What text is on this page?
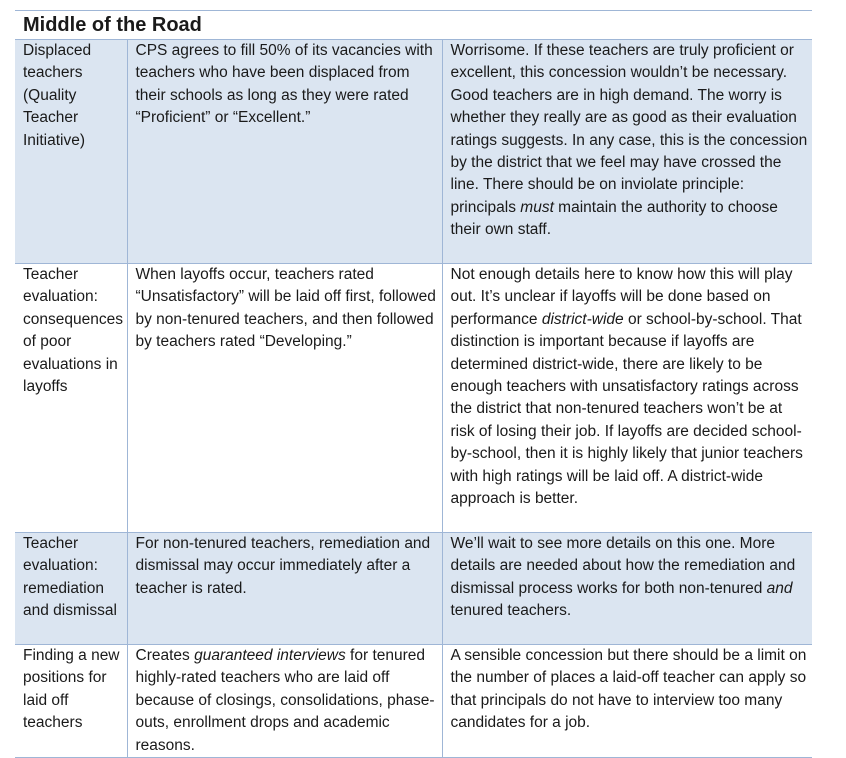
Middle of the Road
Displaced teachers (Quality Teacher Initiative)	CPS agrees to fill 50% of its vacancies with teachers who have been displaced from their schools as long as they were rated “Proficient” or “Excellent.”	Worrisome. If these teachers are truly proficient or excellent, this concession wouldn’t be necessary. Good teachers are in high demand. The worry is whether they really are as good as their evaluation ratings suggests. In any case, this is the concession by the district that we feel may have crossed the line. There should be on inviolate principle: principals must maintain the authority to choose their own staff.
Teacher evaluation: consequences of poor evaluations in layoffs	When layoffs occur, teachers rated “Unsatisfactory” will be laid off first, followed by non-tenured teachers, and then followed by teachers rated “Developing.”	Not enough details here to know how this will play out. It’s unclear if layoffs will be done based on performance district-wide or school-by-school. That distinction is important because if layoffs are determined district-wide, there are likely to be enough teachers with unsatisfactory ratings across the district that non-tenured teachers won’t be at risk of losing their job. If layoffs are decided school-by-school, then it is highly likely that junior teachers with high ratings will be laid off. A district-wide approach is better.
Teacher evaluation: remediation and dismissal	For non-tenured teachers, remediation and dismissal may occur immediately after a teacher is rated.	We’ll wait to see more details on this one. More details are needed about how the remediation and dismissal process works for both non-tenured and tenured teachers.
Finding a new positions for laid off teachers	Creates guaranteed interviews for tenured highly-rated teachers who are laid off because of closings, consolidations, phase-outs, enrollment drops and academic reasons.	A sensible concession but there should be a limit on the number of places a laid-off teacher can apply so that principals do not have to interview too many candidates for a job.
